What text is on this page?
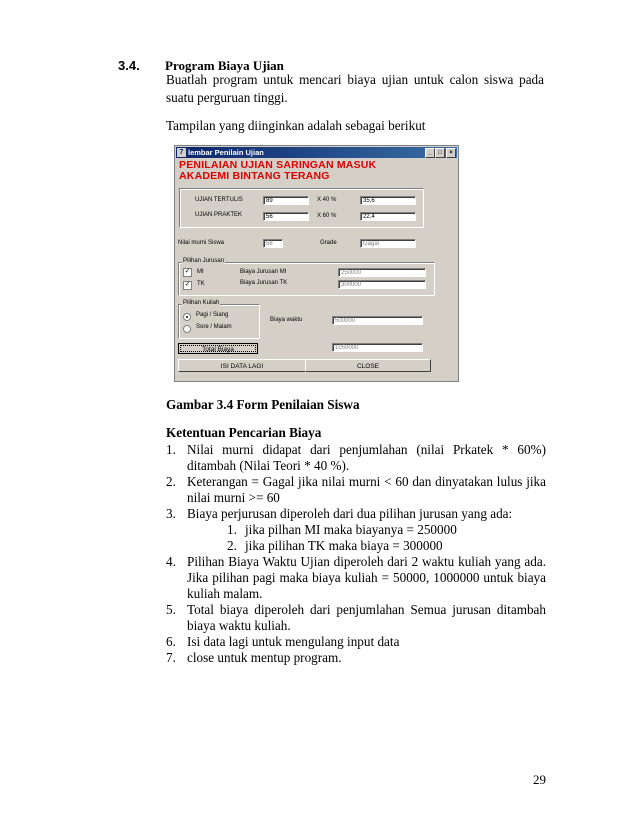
3.4. Program Biaya Ujian
Buatlah program untuk mencari biaya ujian untuk calon siswa pada suatu perguruan tinggi.
Tampilan yang diinginkan adalah sebagai berikut
7 lembar Penilain Ujian	_	□	×
PENILAIAN UJIAN SARINGAN MASUK
AKADEMI BINTANG TERANG
UJIAN TERTULIS	89	X 40 %	35,6
UJIAN PRAKTEK	56	X 60 %	22,4
Nilai murni Siswa	58	Grade	Gagal
Pilihan Jurusan
✓ MI	Biaya Jurusan MI	250000
✓ TK	Biaya Jurusan TK	300000
Pilihan Kuliah
Pagi / Siang
Sore / Malam
Biaya waktu	500000
Total Biaya	1050000
ISI DATA LAGI	CLOSE
Gambar 3.4 Form Penilaian Siswa
Ketentuan Pencarian Biaya
1. Nilai murni didapat dari penjumlahan (nilai Prkatek * 60%) ditambah (Nilai Teori * 40 %).
2. Keterangan = Gagal jika nilai murni < 60 dan dinyatakan lulus jika nilai murni >= 60
3. Biaya perjurusan diperoleh dari dua pilihan jurusan yang ada:
1. jika pilhan MI maka biayanya = 250000
2. jika pilihan TK maka biaya = 300000
4. Pilihan Biaya Waktu Ujian diperoleh dari 2 waktu kuliah yang ada. Jika pilihan pagi maka biaya kuliah = 50000, 1000000 untuk biaya kuliah malam.
5. Total biaya diperoleh dari penjumlahan Semua jurusan ditambah biaya waktu kuliah.
6. Isi data lagi untuk mengulang input data
7. close untuk mentup program.
29
